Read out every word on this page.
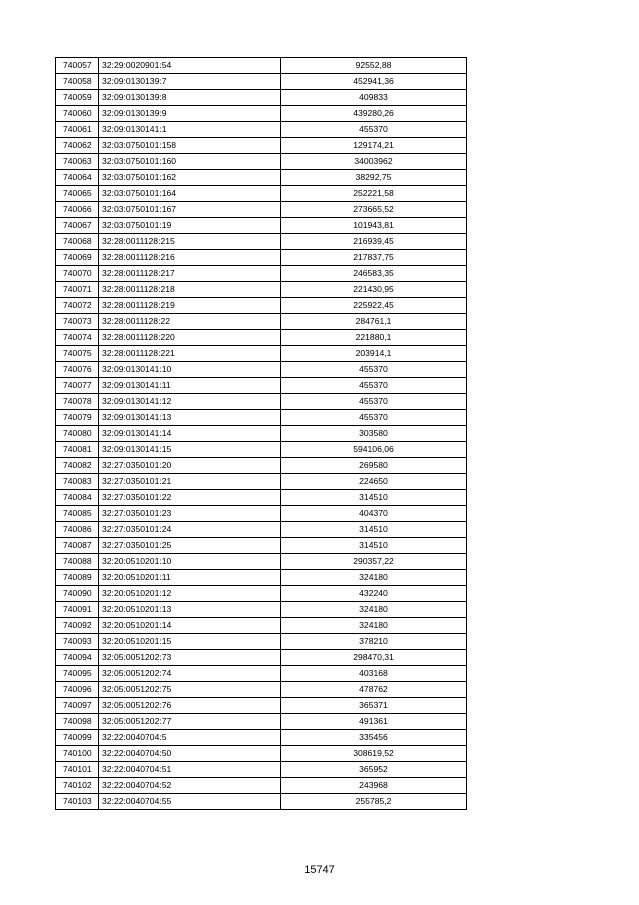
740057	32:29:0020901:54	92552,88
740058	32:09:0130139:7	452941,36
740059	32:09:0130139:8	409833
740060	32:09:0130139:9	439280,26
740061	32:09:0130141:1	455370
740062	32:03:0750101:158	129174,21
740063	32:03:0750101:160	34003962
740064	32:03:0750101:162	38292,75
740065	32:03:0750101:164	252221,58
740066	32:03:0750101:167	273665,52
740067	32:03:0750101:19	101943,81
740068	32:28:0011128:215	216939,45
740069	32:28:0011128:216	217837,75
740070	32:28:0011128:217	246583,35
740071	32:28:0011128:218	221430,95
740072	32:28:0011128:219	225922,45
740073	32:28:0011128:22	284761,1
740074	32:28:0011128:220	221880,1
740075	32:28:0011128:221	203914,1
740076	32:09:0130141:10	455370
740077	32:09:0130141:11	455370
740078	32:09:0130141:12	455370
740079	32:09:0130141:13	455370
740080	32:09:0130141:14	303580
740081	32:09:0130141:15	594106,06
740082	32:27:0350101:20	269580
740083	32:27:0350101:21	224650
740084	32:27:0350101:22	314510
740085	32:27:0350101:23	404370
740086	32:27:0350101:24	314510
740087	32:27:0350101:25	314510
740088	32:20:0510201:10	290357,22
740089	32:20:0510201:11	324180
740090	32:20:0510201:12	432240
740091	32:20:0510201:13	324180
740092	32:20:0510201:14	324180
740093	32:20:0510201:15	378210
740094	32:05:0051202:73	298470,31
740095	32:05:0051202:74	403168
740096	32:05:0051202:75	478762
740097	32:05:0051202:76	365371
740098	32:05:0051202:77	491361
740099	32:22:0040704:5	335456
740100	32:22:0040704:50	308619,52
740101	32:22:0040704:51	365952
740102	32:22:0040704:52	243968
740103	32:22:0040704:55	255785,2
15747
